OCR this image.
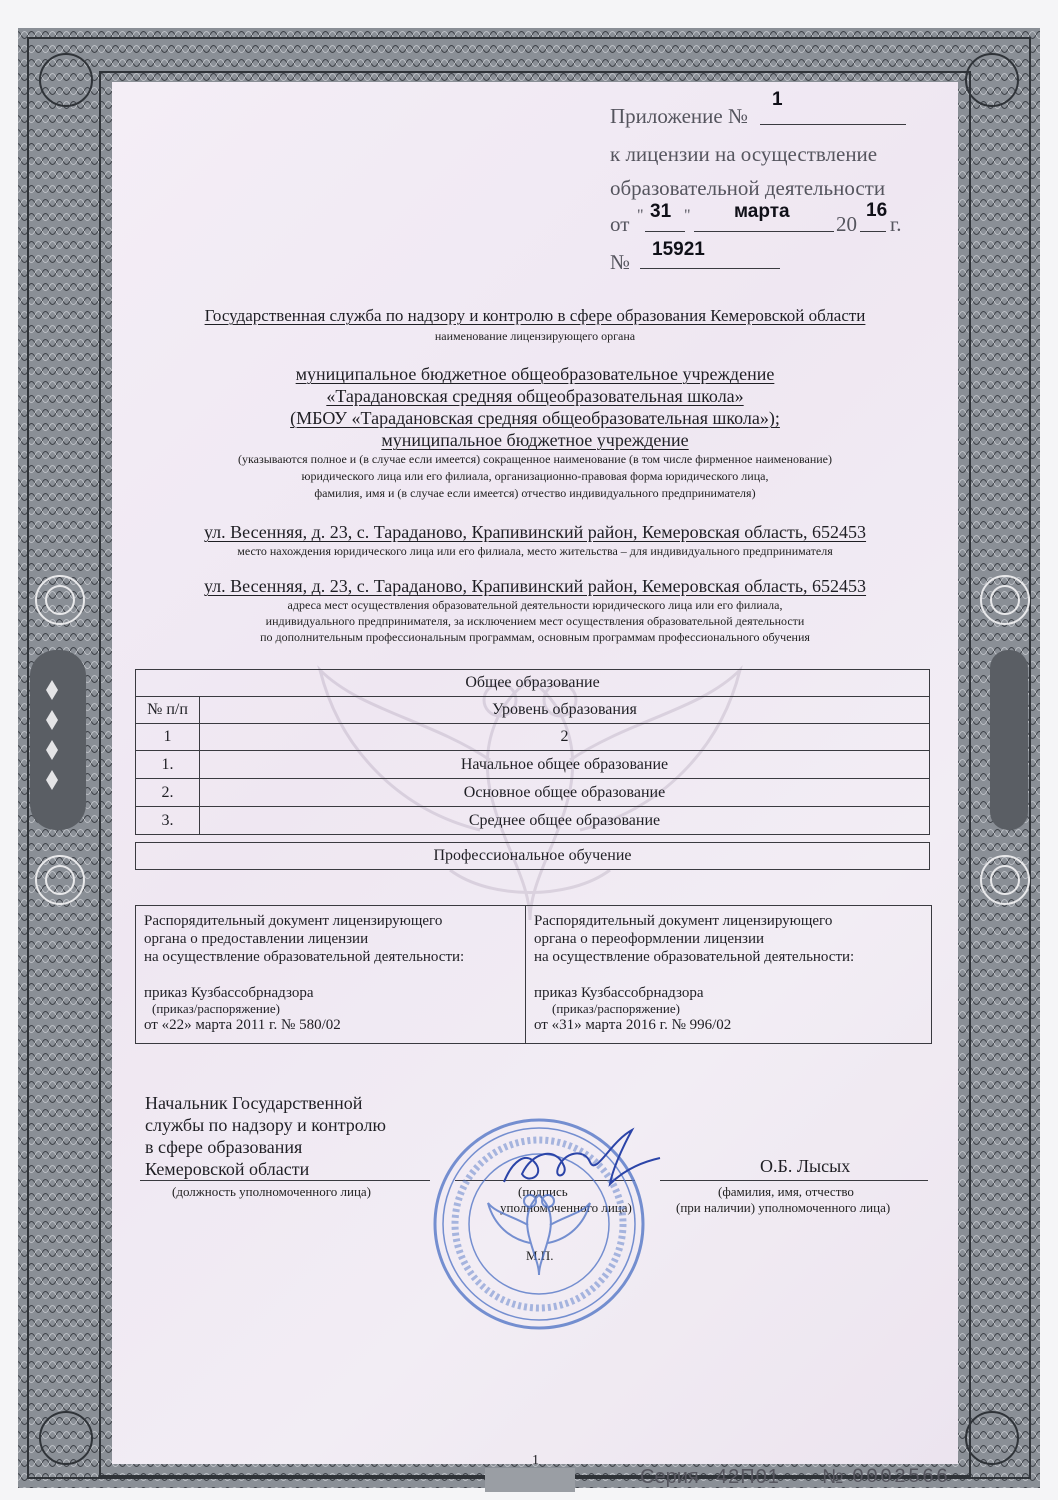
Приложение №
1
к лицензии на осуществление
образовательной деятельности
от " 31 " марта
20
16
г.
№
15921
Государственная служба по надзору и контролю в сфере образования Кемеровской области
наименование лицензирующего органа
муниципальное бюджетное общеобразовательное учреждение
«Тараданoвская средняя общеобразовательная школа»
(МБОУ «Тараданoвская средняя общеобразовательная школа»);
муниципальное бюджетное учреждение
(указываются полное и (в случае если имеется) сокращенное наименование (в том числе фирменное наименование)
юридического лица или его филиала, организационно-правовая форма юридического лица,
фамилия, имя и (в случае если имеется) отчество индивидуального предпринимателя)
ул. Весенняя, д. 23, с. Тараданово, Крапивинский район, Кемеровская область, 652453
место нахождения юридического лица или его филиала, место жительства – для индивидуального предпринимателя
ул. Весенняя, д. 23, с. Тараданово, Крапивинский район, Кемеровская область, 652453
адреса мест осуществления образовательной деятельности юридического лица или его филиала,
индивидуального предпринимателя, за исключением мест осуществления образовательной деятельности
по дополнительным профессиональным программам, основным программам профессионального обучения
Общее образование	
№ п/п	Уровень образования
1	2
1.	Начальное общее образование
2.	Основное общее образование
3.	Среднее общее образование
Профессиональное обучение
Распорядительный документ лицензирующего
органа о предоставлении лицензии
на осуществление образовательной деятельности:
приказ Кузбассобрнадзора
(приказ/распоряжение)
от «22» марта 2011 г. № 580/02
Распорядительный документ лицензирующего
органа о переоформлении лицензии
на осуществление образовательной деятельности:
приказ Кузбассобрнадзора
(приказ/распоряжение)
от «31» марта 2016 г. № 996/02
Начальник Государственной
службы по надзору и контролю
в сфере образования
Кемеровской области
(должность уполномоченного лица)	(подпись
уполномоченного лица)
М.П.
О.Б. Лысых
(фамилия, имя, отчество
(при наличии) уполномоченного лица)
1
Серия 42П01 № 0002566
